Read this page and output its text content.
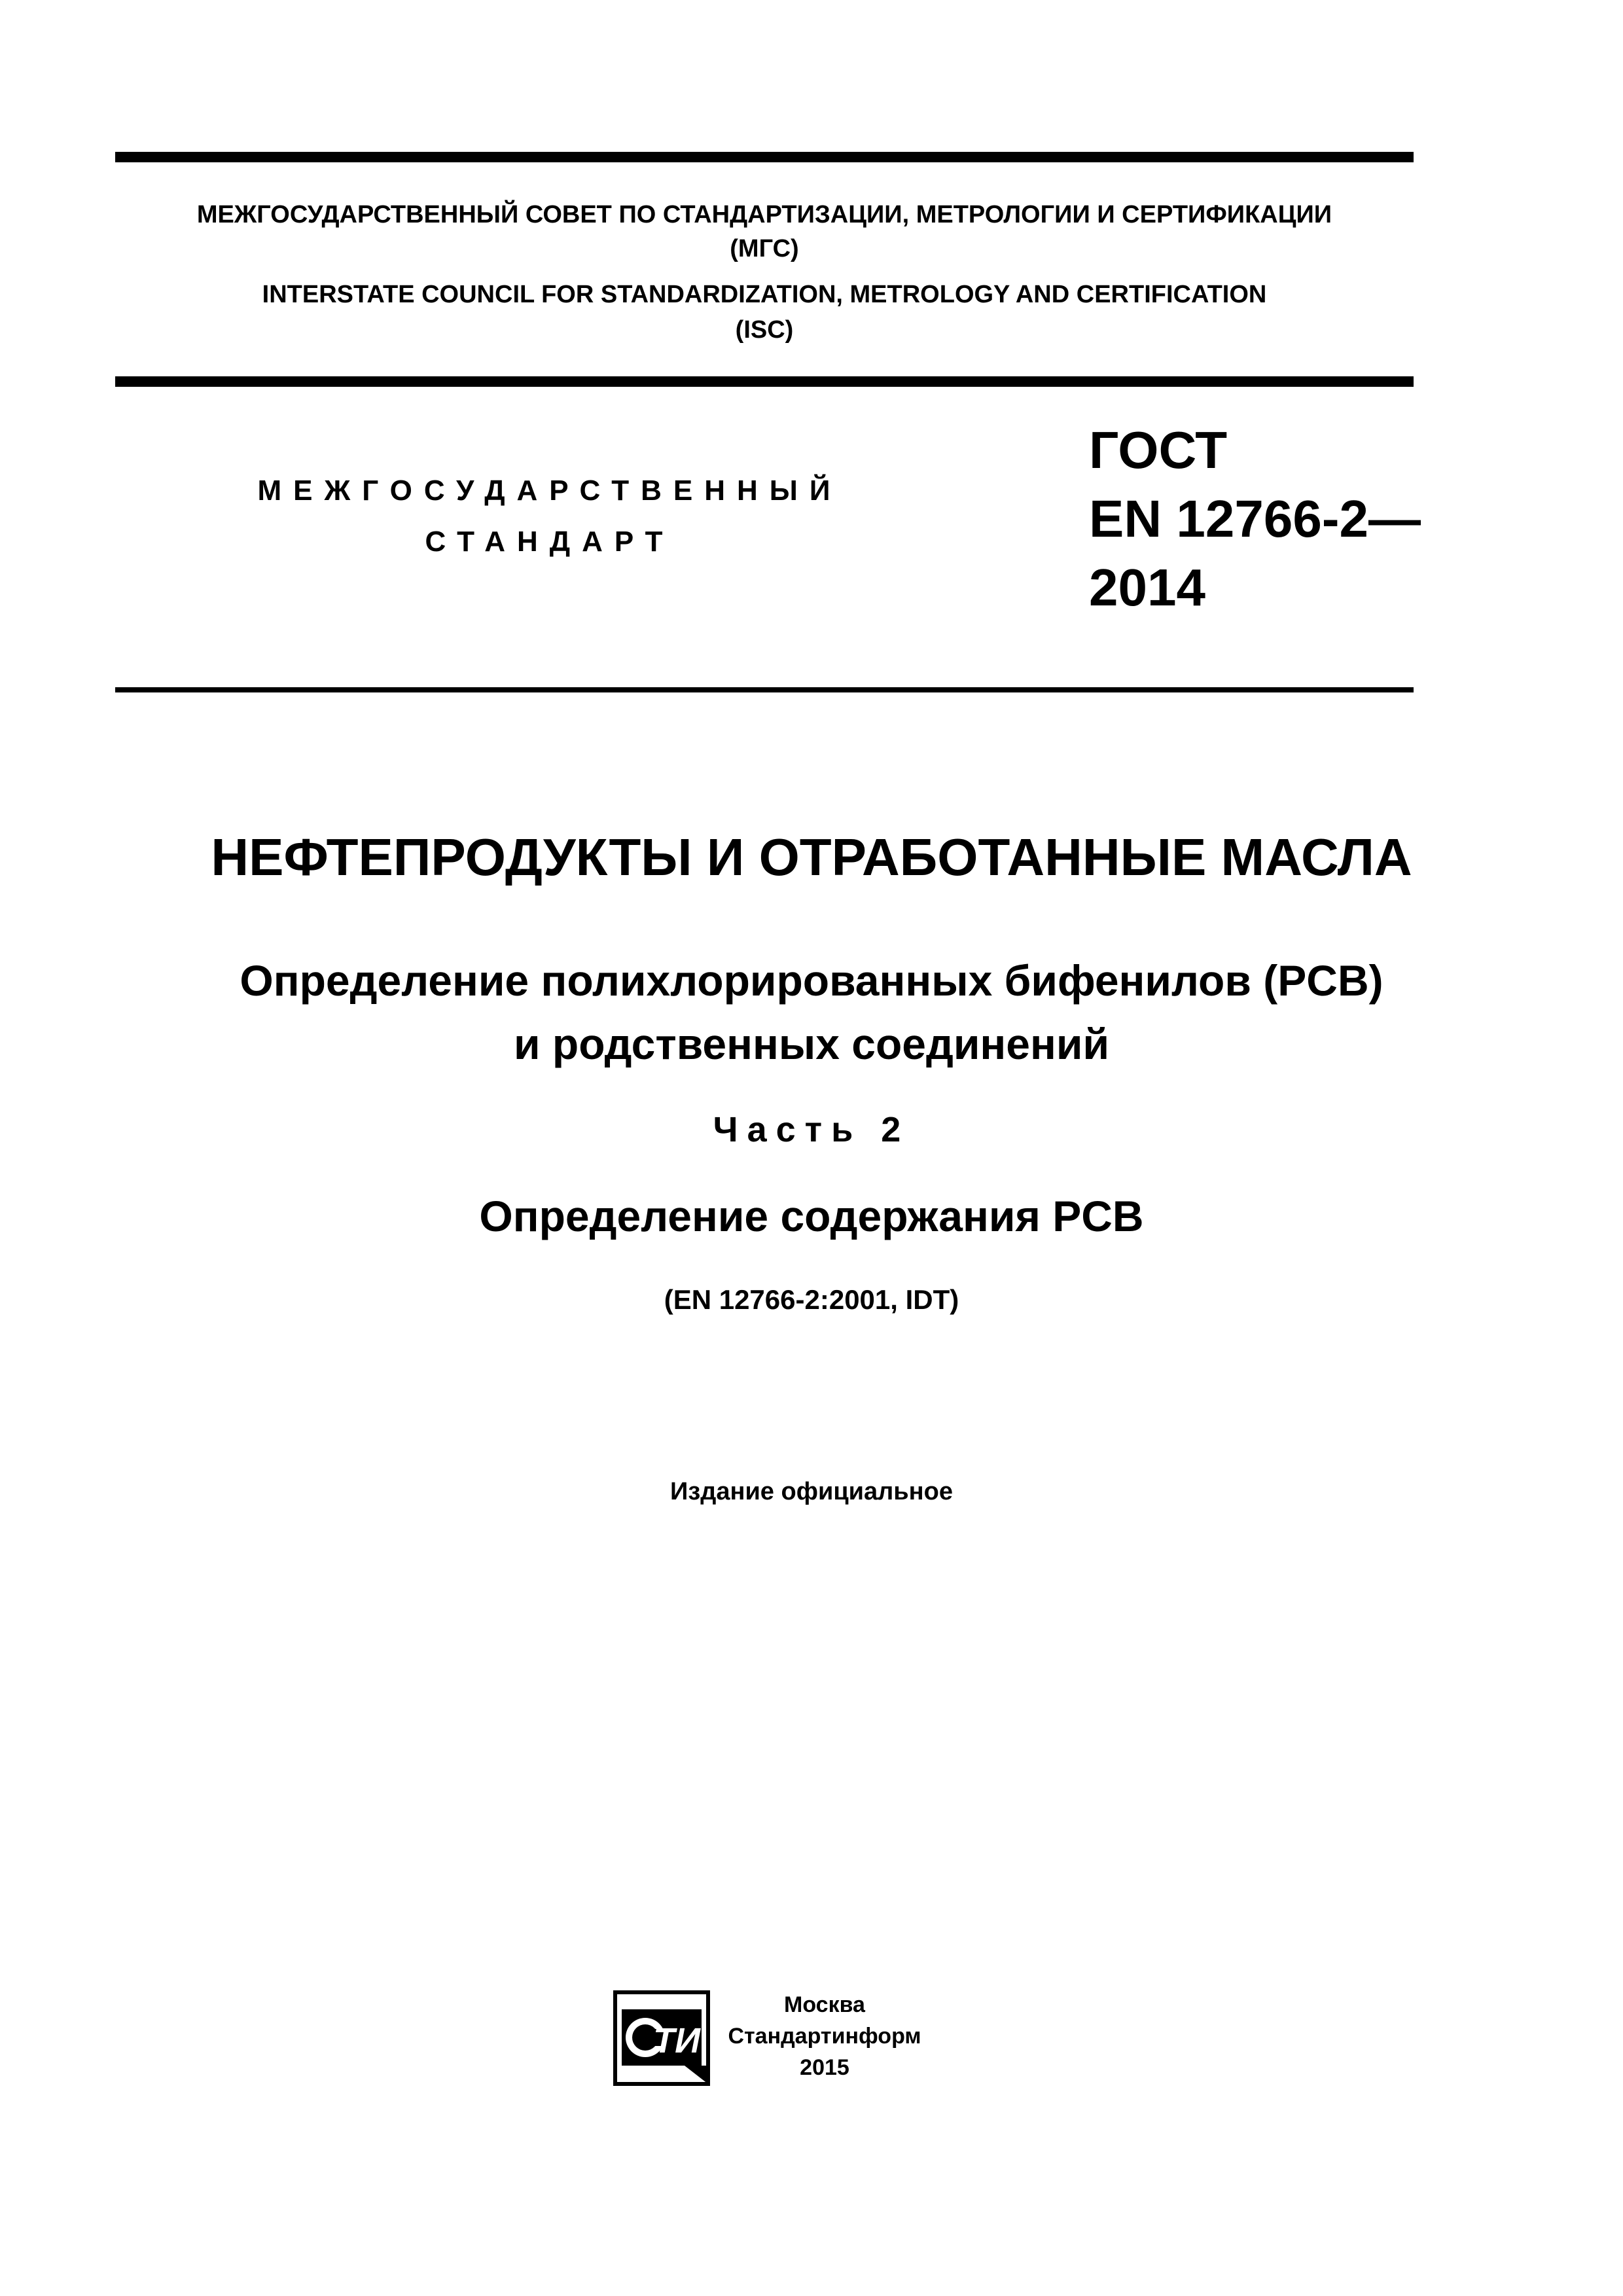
МЕЖГОСУДАРСТВЕННЫЙ СОВЕТ ПО СТАНДАРТИЗАЦИИ, МЕТРОЛОГИИ И СЕРТИФИКАЦИИ
(МГС)
INTERSTATE COUNCIL FOR STANDARDIZATION, METROLOGY AND CERTIFICATION
(ISC)
МЕЖГОСУДАРСТВЕННЫЙ
СТАНДАРТ
ГОСТ
EN 12766-2—
2014
НЕФТЕПРОДУКТЫ И ОТРАБОТАННЫЕ МАСЛА
Определение полихлорированных бифенилов (PCB)
и родственных соединений
Часть 2
Определение содержания PCB
(EN 12766-2:2001, IDT)
Издание официальное
ТИ
Москва
Стандартинформ
2015
